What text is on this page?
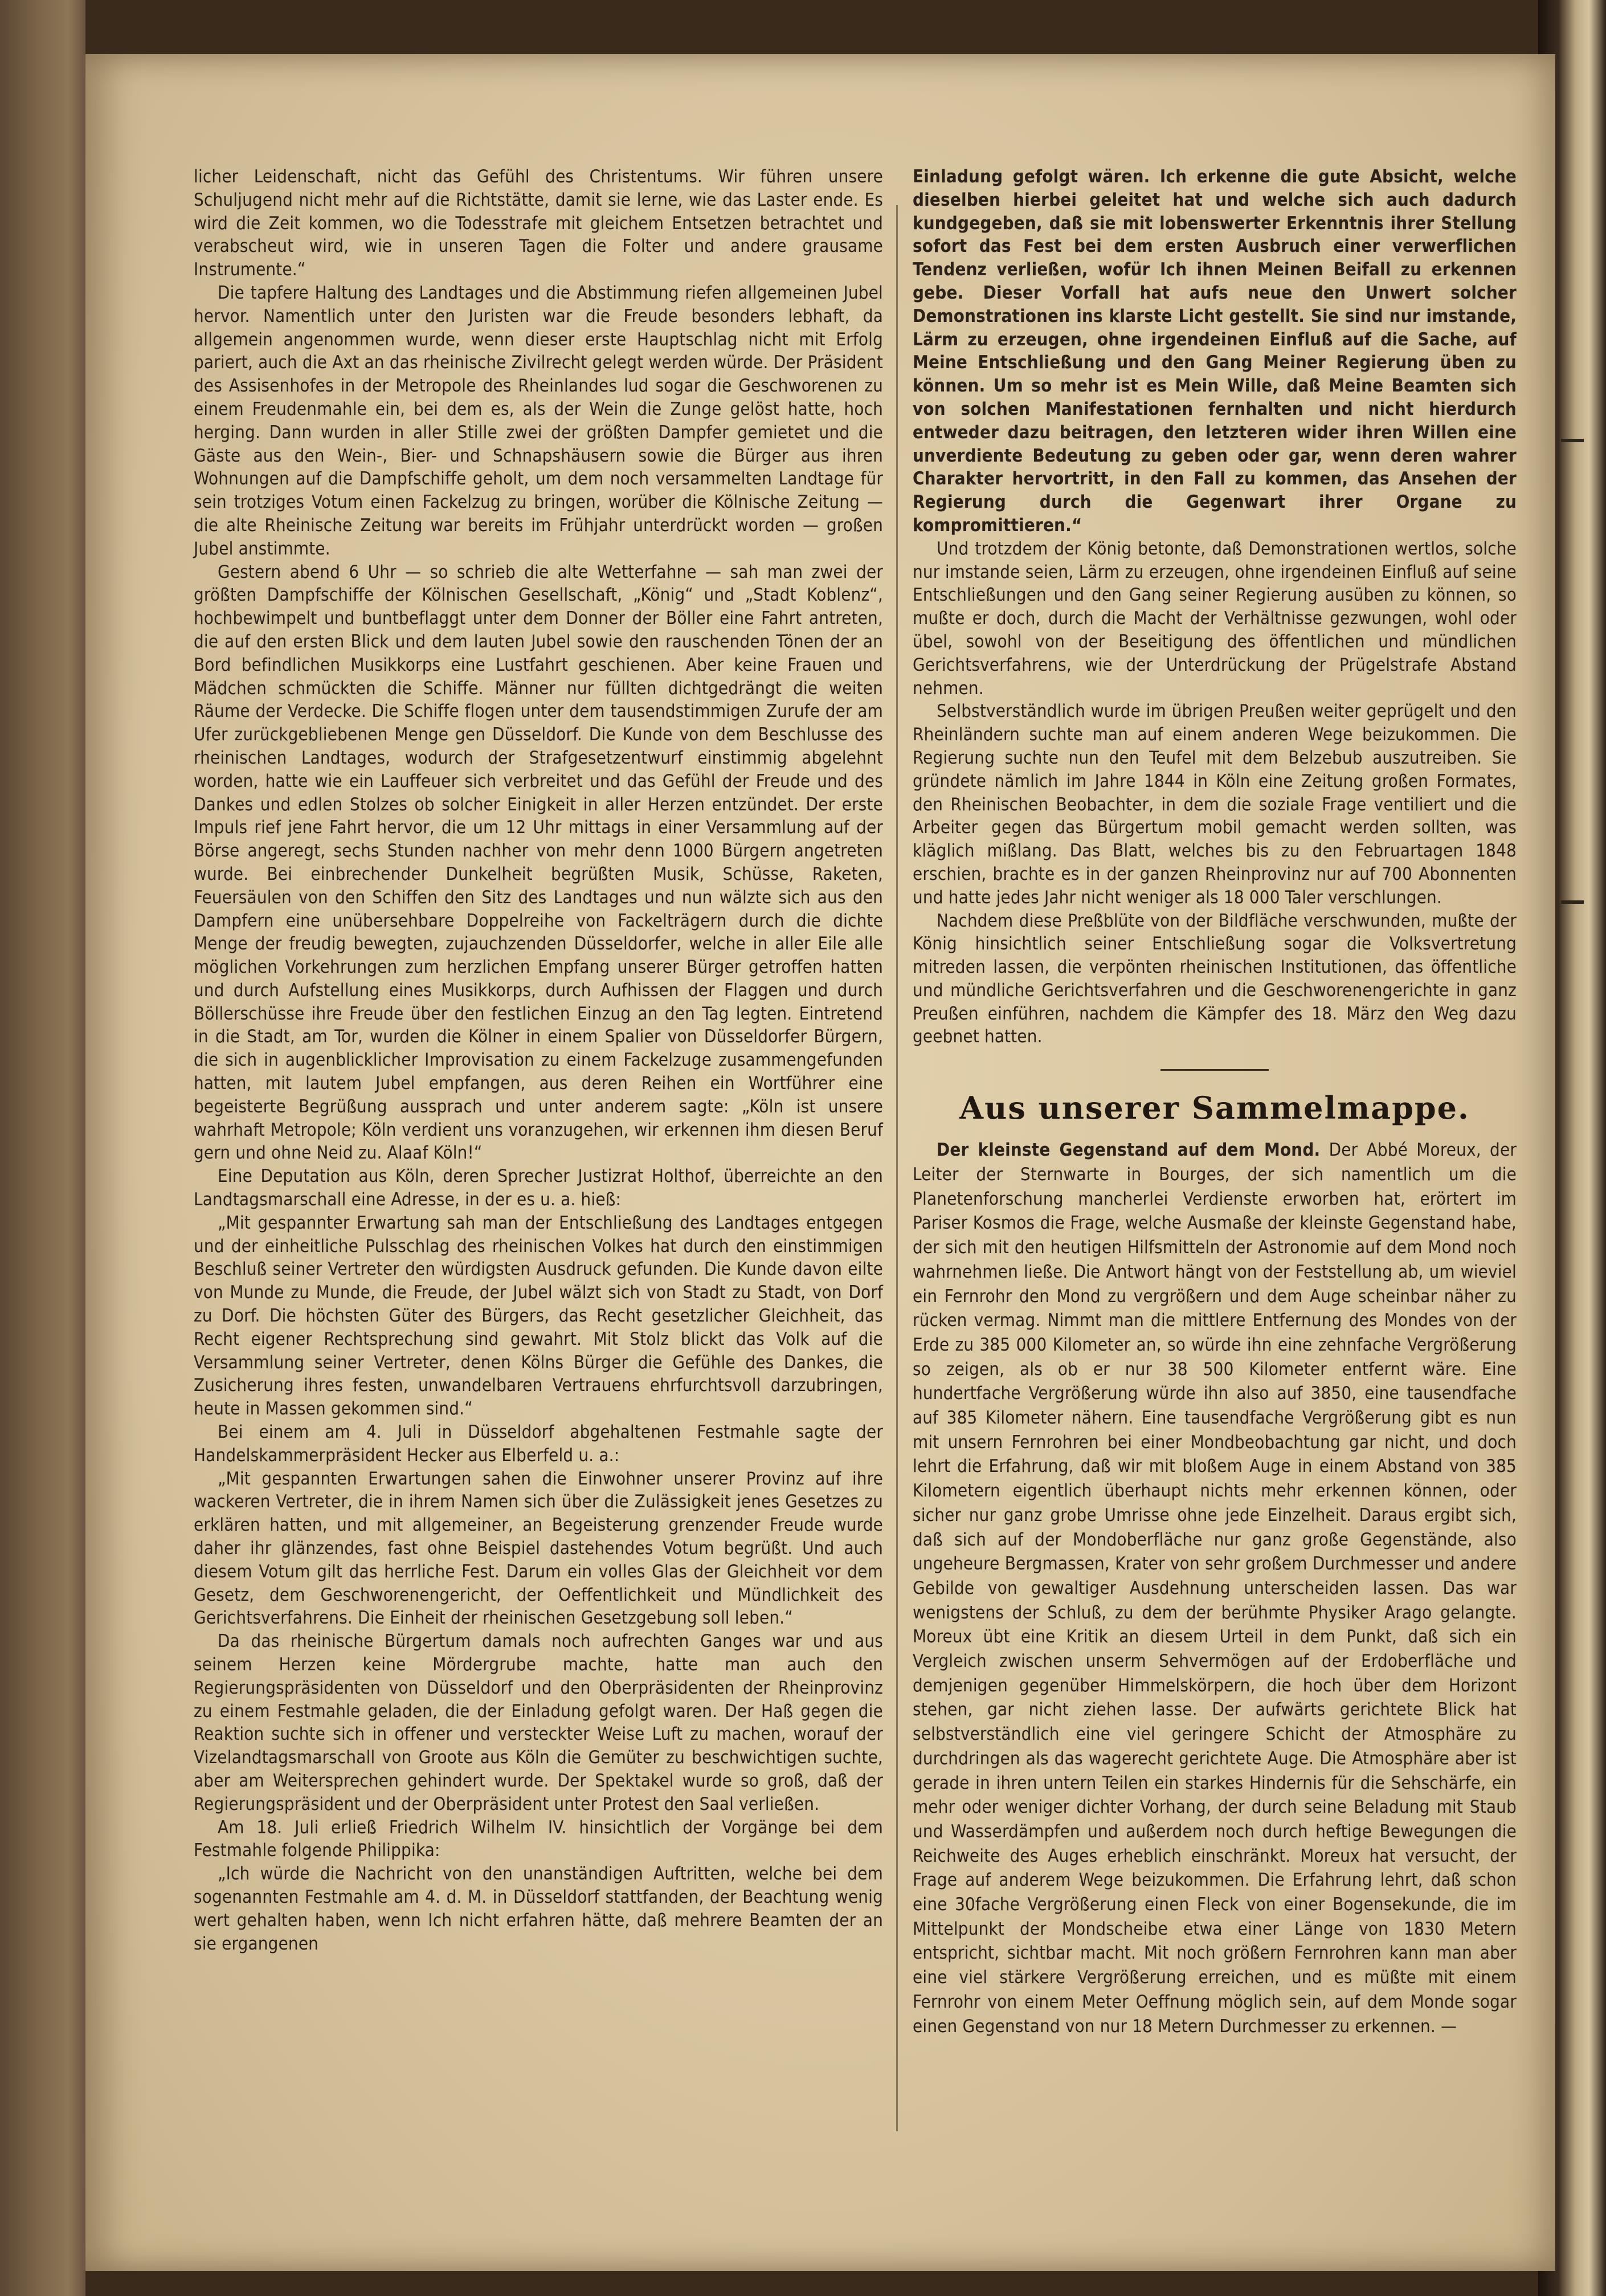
licher Leidenschaft, nicht das Gefühl des Christentums. Wir führen unsere Schuljugend nicht mehr auf die Richtstätte, damit sie lerne, wie das Laster ende. Es wird die Zeit kommen, wo die Todesstrafe mit gleichem Entsetzen betrachtet und verabscheut wird, wie in unseren Tagen die Folter und andere grausame Instrumente.“

Die tapfere Haltung des Landtages und die Abstimmung riefen allgemeinen Jubel hervor. Namentlich unter den Juristen war die Freude besonders lebhaft, da allgemein angenommen wurde, wenn dieser erste Hauptschlag nicht mit Erfolg pariert, auch die Axt an das rheinische Zivilrecht gelegt werden würde. Der Präsident des Assisenhofes in der Metropole des Rheinlandes lud sogar die Geschworenen zu einem Freudenmahle ein, bei dem es, als der Wein die Zunge gelöst hatte, hoch herging. Dann wurden in aller Stille zwei der größten Dampfer gemietet und die Gäste aus den Wein-, Bier- und Schnapshäusern sowie die Bürger aus ihren Wohnungen auf die Dampfschiffe geholt, um dem noch versammelten Landtage für sein trotziges Votum einen Fackelzug zu bringen, worüber die Kölnische Zeitung — die alte Rheinische Zeitung war bereits im Frühjahr unterdrückt worden — großen Jubel anstimmte.

Gestern abend 6 Uhr — so schrieb die alte Wetterfahne — sah man zwei der größten Dampfschiffe der Kölnischen Gesellschaft, „König“ und „Stadt Koblenz“, hochbewimpelt und buntbeflaggt unter dem Donner der Böller eine Fahrt antreten, die auf den ersten Blick und dem lauten Jubel sowie den rauschenden Tönen der an Bord befindlichen Musikkorps eine Lustfahrt geschienen. Aber keine Frauen und Mädchen schmückten die Schiffe. Männer nur füllten dichtgedrängt die weiten Räume der Verdecke. Die Schiffe flogen unter dem tausendstimmigen Zurufe der am Ufer zurückgebliebenen Menge gen Düsseldorf. Die Kunde von dem Beschlusse des rheinischen Landtages, wodurch der Strafgesetzentwurf einstimmig abgelehnt worden, hatte wie ein Lauffeuer sich verbreitet und das Gefühl der Freude und des Dankes und edlen Stolzes ob solcher Einigkeit in aller Herzen entzündet. Der erste Impuls rief jene Fahrt hervor, die um 12 Uhr mittags in einer Versammlung auf der Börse angeregt, sechs Stunden nachher von mehr denn 1000 Bürgern angetreten wurde. Bei einbrechender Dunkelheit begrüßten Musik, Schüsse, Raketen, Feuersäulen von den Schiffen den Sitz des Landtages und nun wälzte sich aus den Dampfern eine unübersehbare Doppelreihe von Fackelträgern durch die dichte Menge der freudig bewegten, zujauchzenden Düsseldorfer, welche in aller Eile alle möglichen Vorkehrungen zum herzlichen Empfang unserer Bürger getroffen hatten und durch Aufstellung eines Musikkorps, durch Aufhissen der Flaggen und durch Böllerschüsse ihre Freude über den festlichen Einzug an den Tag legten. Eintretend in die Stadt, am Tor, wurden die Kölner in einem Spalier von Düsseldorfer Bürgern, die sich in augenblicklicher Improvisation zu einem Fackelzuge zusammengefunden hatten, mit lautem Jubel empfangen, aus deren Reihen ein Wortführer eine begeisterte Begrüßung aussprach und unter anderem sagte: „Köln ist unsere wahrhaft Metropole; Köln verdient uns voranzugehen, wir erkennen ihm diesen Beruf gern und ohne Neid zu. Alaaf Köln!“

Eine Deputation aus Köln, deren Sprecher Justizrat Holthof, überreichte an den Landtagsmarschall eine Adresse, in der es u. a. hieß:

„Mit gespannter Erwartung sah man der Entschließung des Landtages entgegen und der einheitliche Pulsschlag des rheinischen Volkes hat durch den einstimmigen Beschluß seiner Vertreter den würdigsten Ausdruck gefunden. Die Kunde davon eilte von Munde zu Munde, die Freude, der Jubel wälzt sich von Stadt zu Stadt, von Dorf zu Dorf. Die höchsten Güter des Bürgers, das Recht gesetzlicher Gleichheit, das Recht eigener Rechtsprechung sind gewahrt. Mit Stolz blickt das Volk auf die Versammlung seiner Vertreter, denen Kölns Bürger die Gefühle des Dankes, die Zusicherung ihres festen, unwandelbaren Vertrauens ehrfurchtsvoll darzubringen, heute in Massen gekommen sind.“

Bei einem am 4. Juli in Düsseldorf abgehaltenen Festmahle sagte der Handelskammerpräsident Hecker aus Elberfeld u. a.:

„Mit gespannten Erwartungen sahen die Einwohner unserer Provinz auf ihre wackeren Vertreter, die in ihrem Namen sich über die Zulässigkeit jenes Gesetzes zu erklären hatten, und mit allgemeiner, an Begeisterung grenzender Freude wurde daher ihr glänzendes, fast ohne Beispiel dastehendes Votum begrüßt. Und auch diesem Votum gilt das herrliche Fest. Darum ein volles Glas der Gleichheit vor dem Gesetz, dem Geschworenengericht, der Oeffentlichkeit und Mündlichkeit des Gerichtsverfahrens. Die Einheit der rheinischen Gesetzgebung soll leben.“

Da das rheinische Bürgertum damals noch aufrechten Ganges war und aus seinem Herzen keine Mördergrube machte, hatte man auch den Regierungspräsidenten von Düsseldorf und den Oberpräsidenten der Rheinprovinz zu einem Festmahle geladen, die der Einladung gefolgt waren. Der Haß gegen die Reaktion suchte sich in offener und versteckter Weise Luft zu machen, worauf der Vizelandtagsmarschall von Groote aus Köln die Gemüter zu beschwichtigen suchte, aber am Weitersprechen gehindert wurde. Der Spektakel wurde so groß, daß der Regierungspräsident und der Oberpräsident unter Protest den Saal verließen.

Am 18. Juli erließ Friedrich Wilhelm IV. hinsichtlich der Vorgänge bei dem Festmahle folgende Philippika:

„Ich würde die Nachricht von den unanständigen Auftritten, welche bei dem sogenannten Festmahle am 4. d. M. in Düsseldorf stattfanden, der Beachtung wenig wert gehalten haben, wenn Ich nicht erfahren hätte, daß mehrere Beamten der an sie ergangenen

Einladung gefolgt wären. Ich erkenne die gute Absicht, welche dieselben hierbei geleitet hat und welche sich auch dadurch kundgegeben, daß sie mit lobenswerter Erkenntnis ihrer Stellung sofort das Fest bei dem ersten Ausbruch einer verwerflichen Tendenz verließen, wofür Ich ihnen Meinen Beifall zu erkennen gebe. Dieser Vorfall hat aufs neue den Unwert solcher Demonstrationen ins klarste Licht gestellt. Sie sind nur imstande, Lärm zu erzeugen, ohne irgendeinen Einfluß auf die Sache, auf Meine Entschließung und den Gang Meiner Regierung üben zu können. Um so mehr ist es Mein Wille, daß Meine Beamten sich von solchen Manifestationen fernhalten und nicht hierdurch entweder dazu beitragen, den letzteren wider ihren Willen eine unverdiente Bedeutung zu geben oder gar, wenn deren wahrer Charakter hervortritt, in den Fall zu kommen, das Ansehen der Regierung durch die Gegenwart ihrer Organe zu kompromittieren.“

Und trotzdem der König betonte, daß Demonstrationen wertlos, solche nur imstande seien, Lärm zu erzeugen, ohne irgendeinen Einfluß auf seine Entschließungen und den Gang seiner Regierung ausüben zu können, so mußte er doch, durch die Macht der Verhältnisse gezwungen, wohl oder übel, sowohl von der Beseitigung des öffentlichen und mündlichen Gerichtsverfahrens, wie der Unterdrückung der Prügelstrafe Abstand nehmen.

Selbstverständlich wurde im übrigen Preußen weiter geprügelt und den Rheinländern suchte man auf einem anderen Wege beizukommen. Die Regierung suchte nun den Teufel mit dem Belzebub auszutreiben. Sie gründete nämlich im Jahre 1844 in Köln eine Zeitung großen Formates, den Rheinischen Beobachter, in dem die soziale Frage ventiliert und die Arbeiter gegen das Bürgertum mobil gemacht werden sollten, was kläglich mißlang. Das Blatt, welches bis zu den Februartagen 1848 erschien, brachte es in der ganzen Rheinprovinz nur auf 700 Abonnenten und hatte jedes Jahr nicht weniger als 18 000 Taler verschlungen.

Nachdem diese Preßblüte von der Bildfläche verschwunden, mußte der König hinsichtlich seiner Entschließung sogar die Volksvertretung mitreden lassen, die verpönten rheinischen Institutionen, das öffentliche und mündliche Gerichtsverfahren und die Geschworenengerichte in ganz Preußen einführen, nachdem die Kämpfer des 18. März den Weg dazu geebnet hatten.

Aus unserer Sammelmappe.

Der kleinste Gegenstand auf dem Mond. Der Abbé Moreux, der Leiter der Sternwarte in Bourges, der sich namentlich um die Planetenforschung mancherlei Verdienste erworben hat, erörtert im Pariser Kosmos die Frage, welche Ausmaße der kleinste Gegenstand habe, der sich mit den heutigen Hilfsmitteln der Astronomie auf dem Mond noch wahrnehmen ließe. Die Antwort hängt von der Feststellung ab, um wieviel ein Fernrohr den Mond zu vergrößern und dem Auge scheinbar näher zu rücken vermag. Nimmt man die mittlere Entfernung des Mondes von der Erde zu 385 000 Kilometer an, so würde ihn eine zehnfache Vergrößerung so zeigen, als ob er nur 38 500 Kilometer entfernt wäre. Eine hundertfache Vergrößerung würde ihn also auf 3850, eine tausendfache auf 385 Kilometer nähern. Eine tausendfache Vergrößerung gibt es nun mit unsern Fernrohren bei einer Mondbeobachtung gar nicht, und doch lehrt die Erfahrung, daß wir mit bloßem Auge in einem Abstand von 385 Kilometern eigentlich überhaupt nichts mehr erkennen können, oder sicher nur ganz grobe Umrisse ohne jede Einzelheit. Daraus ergibt sich, daß sich auf der Mondoberfläche nur ganz große Gegenstände, also ungeheure Bergmassen, Krater von sehr großem Durchmesser und andere Gebilde von gewaltiger Ausdehnung unterscheiden lassen. Das war wenigstens der Schluß, zu dem der berühmte Physiker Arago gelangte. Moreux übt eine Kritik an diesem Urteil in dem Punkt, daß sich ein Vergleich zwischen unserm Sehvermögen auf der Erdoberfläche und demjenigen gegenüber Himmelskörpern, die hoch über dem Horizont stehen, gar nicht ziehen lasse. Der aufwärts gerichtete Blick hat selbstverständlich eine viel geringere Schicht der Atmosphäre zu durchdringen als das wagerecht gerichtete Auge. Die Atmosphäre aber ist gerade in ihren untern Teilen ein starkes Hindernis für die Sehschärfe, ein mehr oder weniger dichter Vorhang, der durch seine Beladung mit Staub und Wasserdämpfen und außerdem noch durch heftige Bewegungen die Reichweite des Auges erheblich einschränkt. Moreux hat versucht, der Frage auf anderem Wege beizukommen. Die Erfahrung lehrt, daß schon eine 30fache Vergrößerung einen Fleck von einer Bogensekunde, die im Mittelpunkt der Mondscheibe etwa einer Länge von 1830 Metern entspricht, sichtbar macht. Mit noch größern Fernrohren kann man aber eine viel stärkere Vergrößerung erreichen, und es müßte mit einem Fernrohr von einem Meter Oeffnung möglich sein, auf dem Monde sogar einen Gegenstand von nur 18 Metern Durchmesser zu erkennen. —
